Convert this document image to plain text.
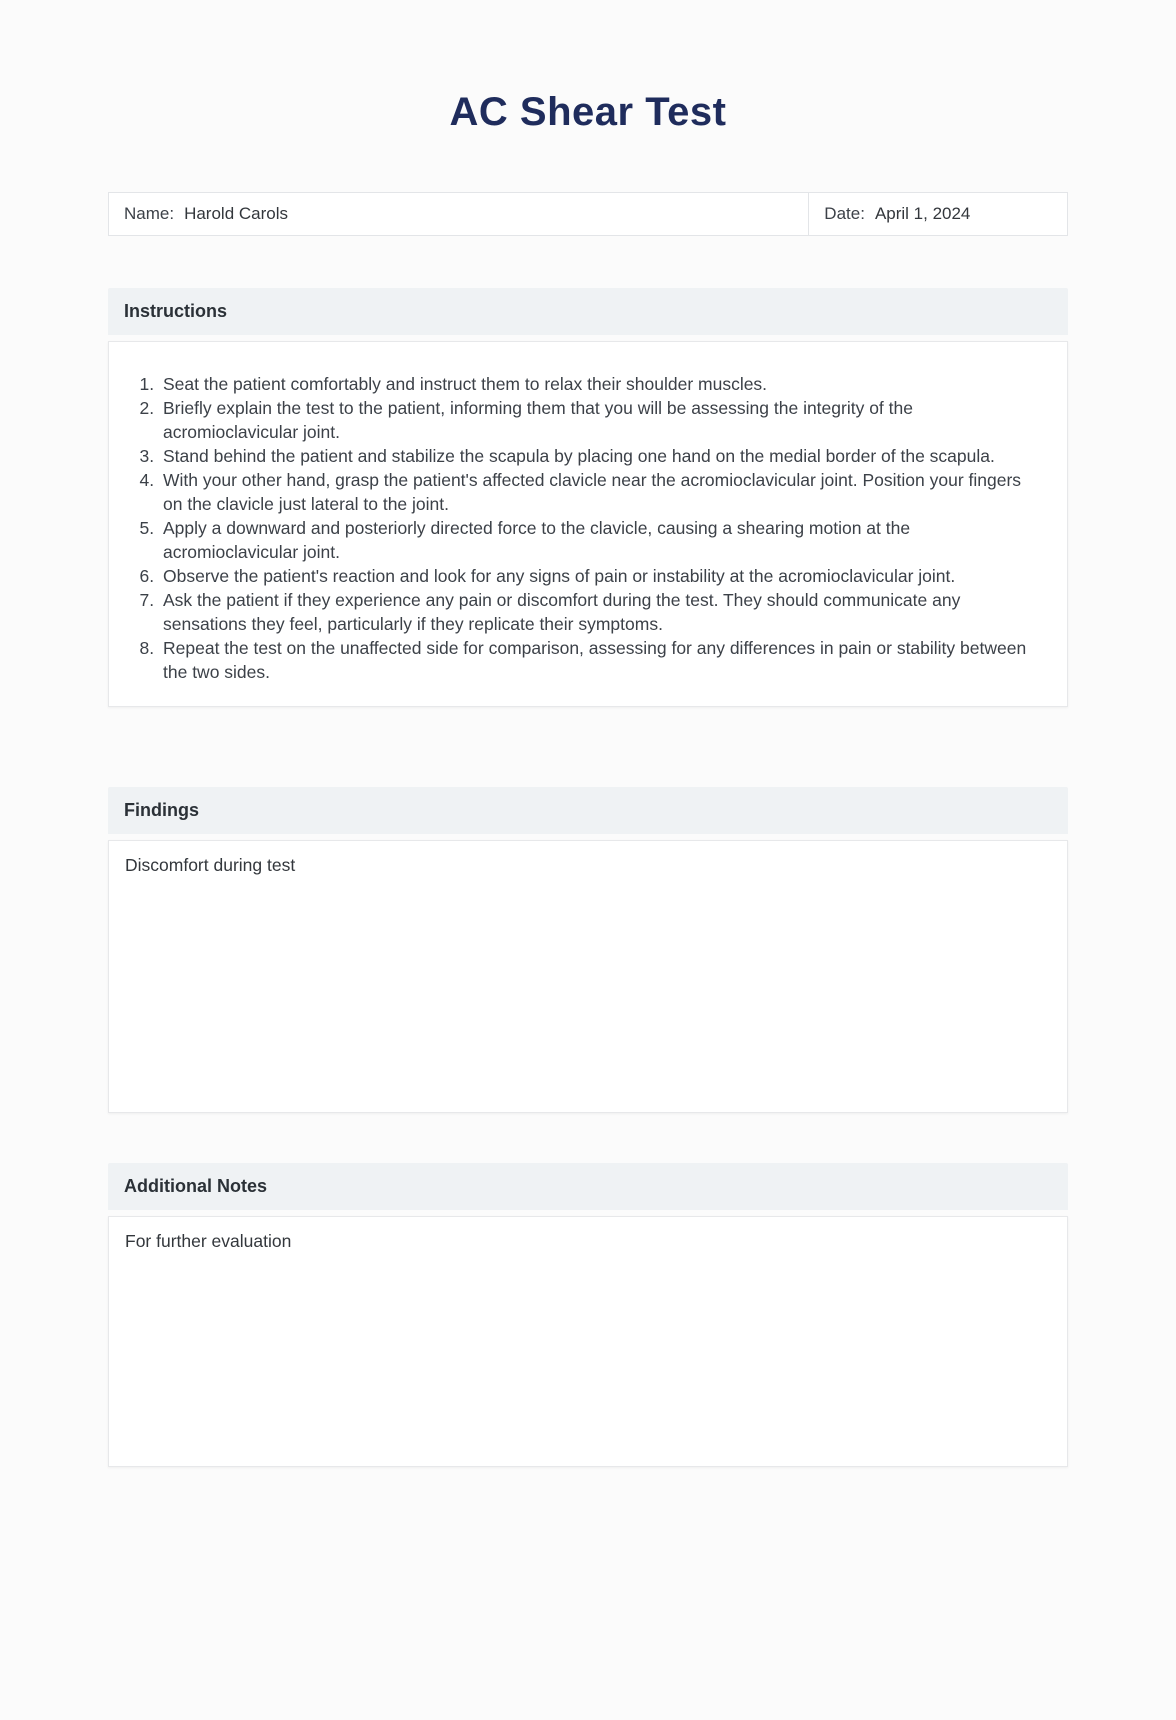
AC Shear Test
Name: Harold Carols	Date: April 1, 2024
Instructions
1. Seat the patient comfortably and instruct them to relax their shoulder muscles.
2. Briefly explain the test to the patient, informing them that you will be assessing the integrity of the acromioclavicular joint.
3. Stand behind the patient and stabilize the scapula by placing one hand on the medial border of the scapula.
4. With your other hand, grasp the patient's affected clavicle near the acromioclavicular joint. Position your fingers on the clavicle just lateral to the joint.
5. Apply a downward and posteriorly directed force to the clavicle, causing a shearing motion at the acromioclavicular joint.
6. Observe the patient's reaction and look for any signs of pain or instability at the acromioclavicular joint.
7. Ask the patient if they experience any pain or discomfort during the test. They should communicate any sensations they feel, particularly if they replicate their symptoms.
8. Repeat the test on the unaffected side for comparison, assessing for any differences in pain or stability between the two sides.
Findings
Discomfort during test
Additional Notes
For further evaluation
